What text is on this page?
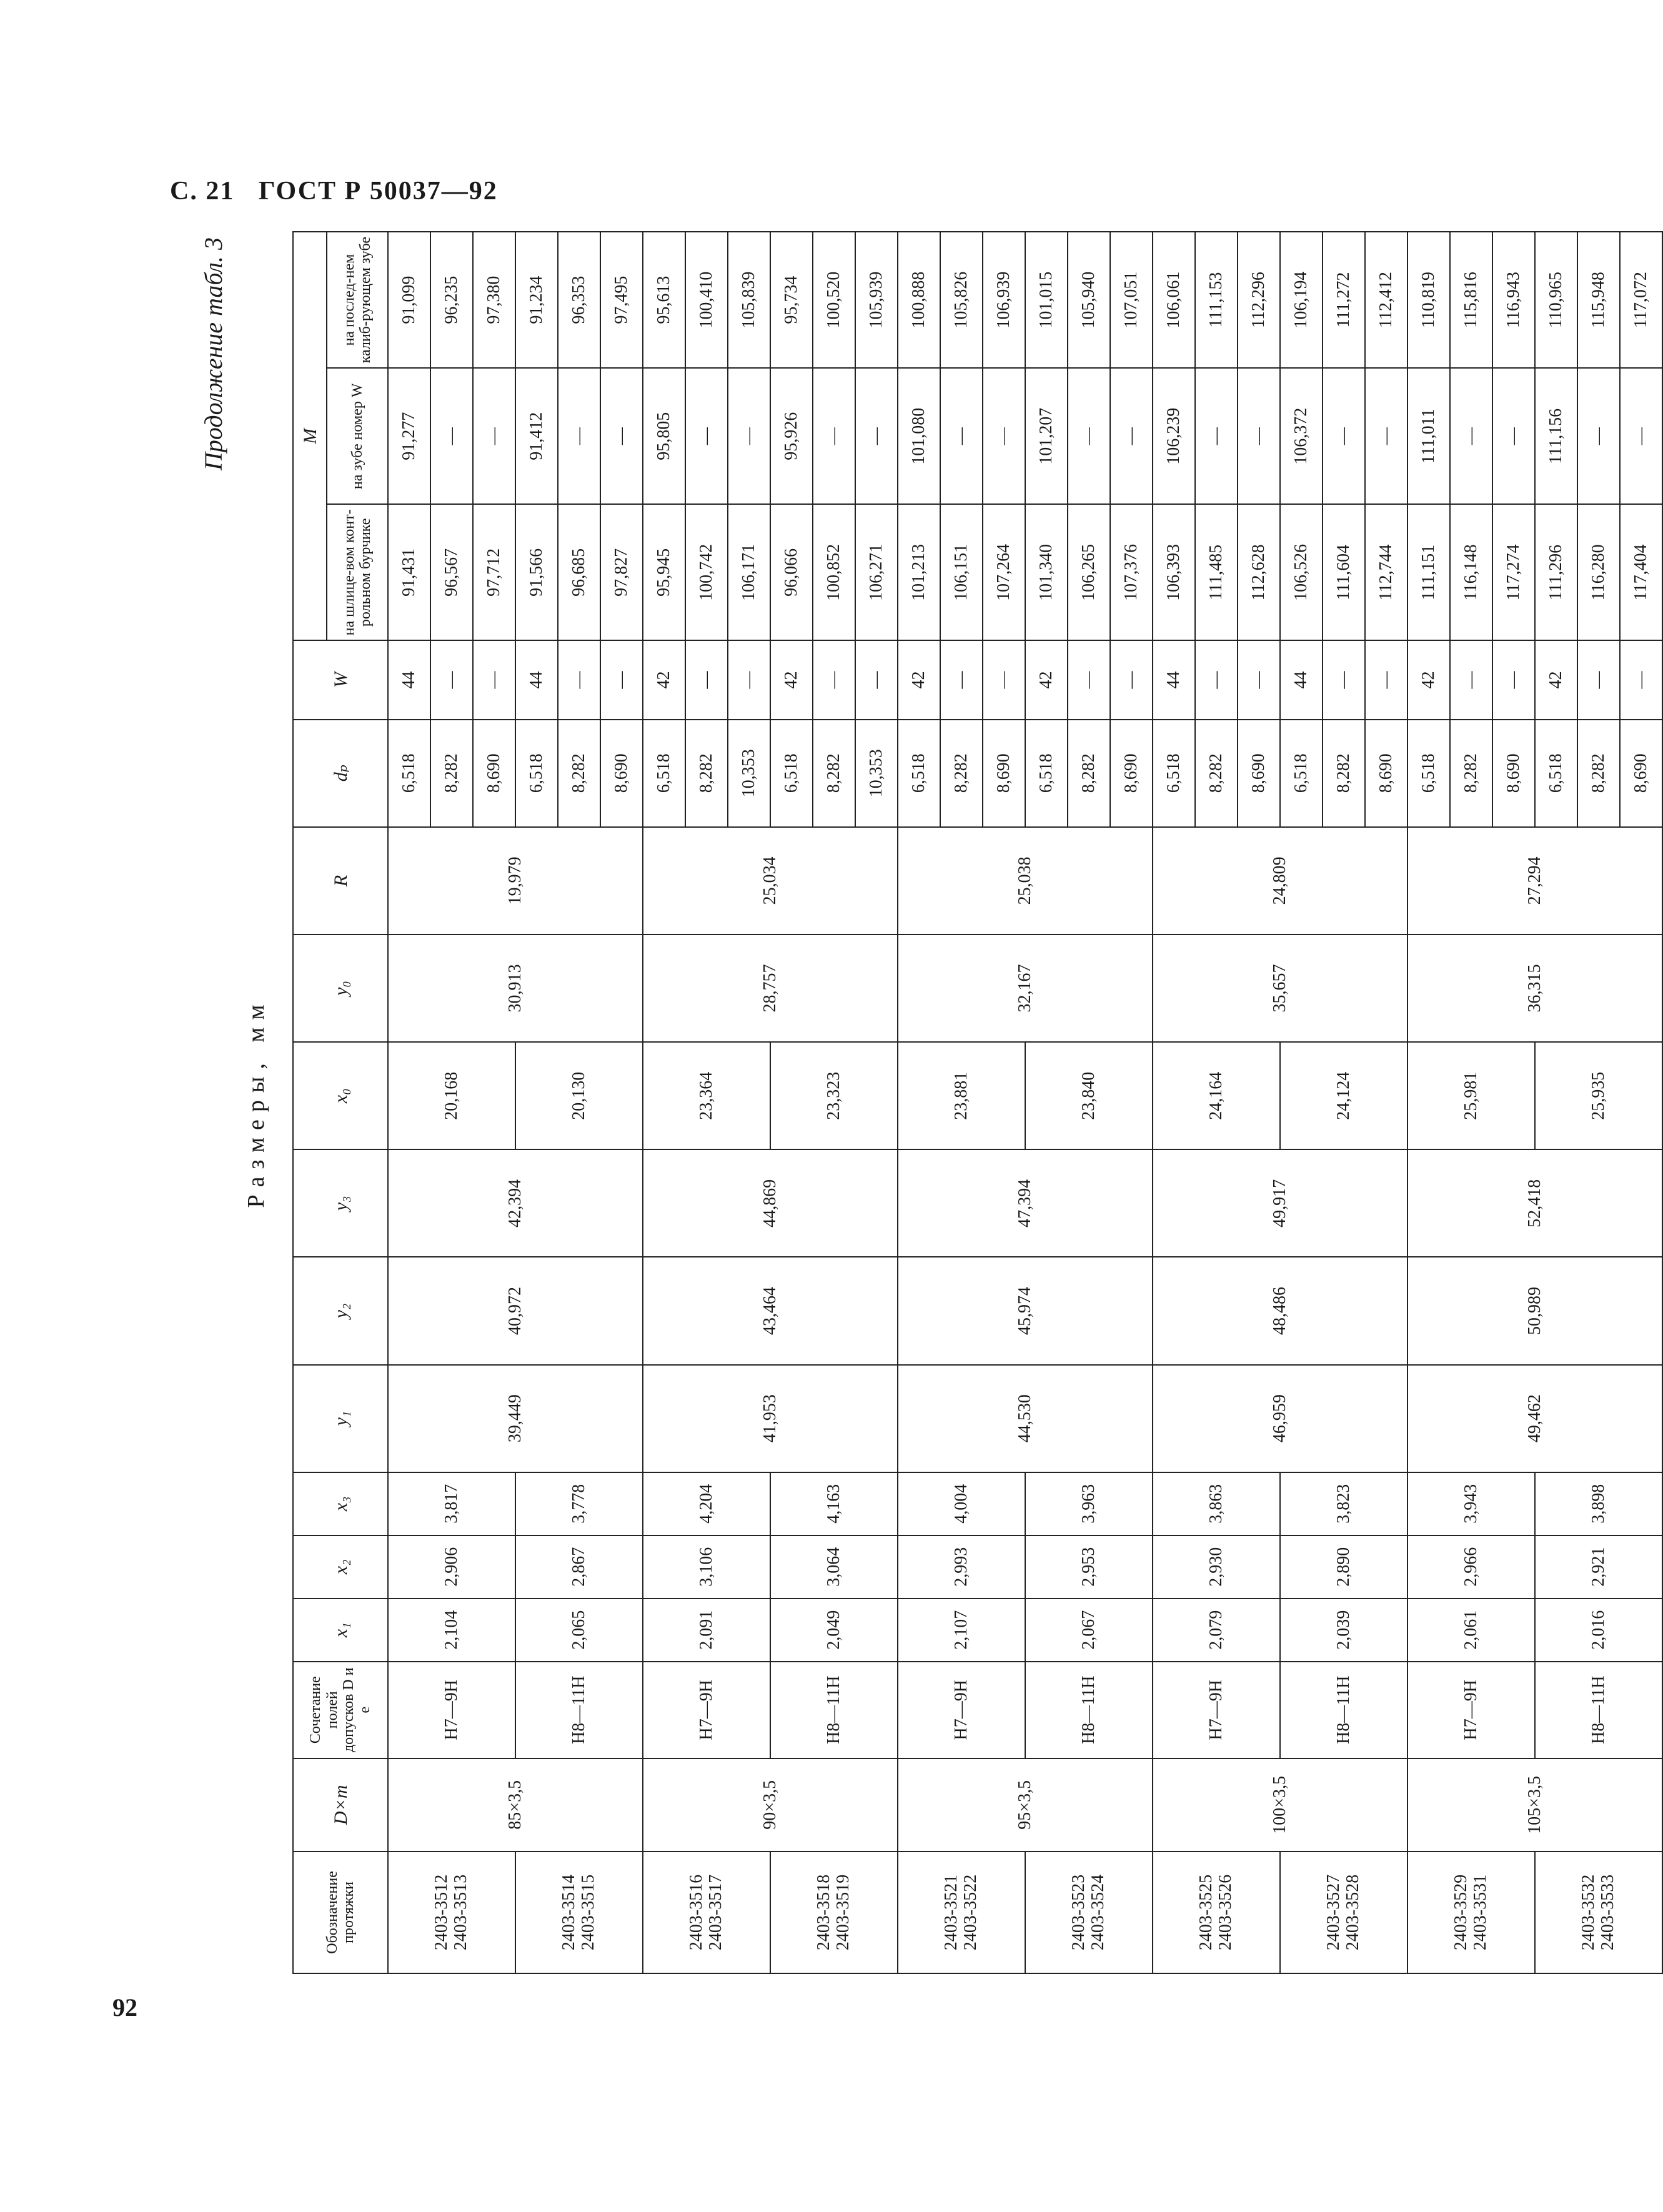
С. 21 ГОСТ Р 50037—92
92
Продолжение табл. 3
Размеры, мм
Обозначение протяжки	D×m	Сочетание полей допусков D и e	x₁	x₂	x₃	y₁	y₂	y₃	x₀	y₀	R	dₚ	W	M		
														на шлице-вом конт-рольном бурчике	на зубе номер W	на послед-нем калиб-рующем зубе

2403-3512 2403-3513	85×3,5	H7—9H	2,104	2,906	3,817	39,449	40,972	42,394	20,168	30,913	19,979	6,518	44	91,431	91,277	91,099
												8,282	—	96,567	—	96,235
												8,690	—	97,712	—	97,380

2403-3514 2403-3515		H8—11H	2,065	2,867	3,778				20,130			6,518	44	91,566	91,412	91,234
												8,282	—	96,685	—	96,353
												8,690	—	97,827	—	97,495

2403-3516 2403-3517	90×3,5	H7—9H	2,091	3,106	4,204	41,953	43,464	44,869	23,364	28,757	25,034	6,518	42	95,945	95,805	95,613
												8,282	—	100,742	—	100,410
												10,353	—	106,171	—	105,839

2403-3518 2403-3519		H8—11H	2,049	3,064	4,163				23,323			6,518	42	96,066	95,926	95,734
												8,282	—	100,852	—	100,520
												10,353	—	106,271	—	105,939

2403-3521 2403-3522	95×3,5	H7—9H	2,107	2,993	4,004	44,530	45,974	47,394	23,881	32,167	25,038	6,518	42	101,213	101,080	100,888
												8,282	—	106,151	—	105,826
												8,690	—	107,264	—	106,939

2403-3523 2403-3524		H8—11H	2,067	2,953	3,963				23,840			6,518	42	101,340	101,207	101,015
												8,282	—	106,265	—	105,940
												8,690	—	107,376	—	107,051

2403-3525 2403-3526	100×3,5	H7—9H	2,079	2,930	3,863	46,959	48,486	49,917	24,164	35,657	24,809	6,518	44	106,393	106,239	106,061
												8,282	—	111,485	—	111,153
												8,690	—	112,628	—	112,296

2403-3527 2403-3528		H8—11H	2,039	2,890	3,823				24,124			6,518	44	106,526	106,372	106,194
												8,282	—	111,604	—	111,272
												8,690	—	112,744	—	112,412

2403-3529 2403-3531	105×3,5	H7—9H	2,061	2,966	3,943	49,462	50,989	52,418	25,981	36,315	27,294	6,518	42	111,151	111,011	110,819
												8,282	—	116,148	—	115,816
												8,690	—	117,274	—	116,943

2403-3532 2403-3533		H8—11H	2,016	2,921	3,898				25,935			6,518	42	111,296	111,156	110,965
												8,282	—	116,280	—	115,948
												8,690	—	117,404	—	117,072
